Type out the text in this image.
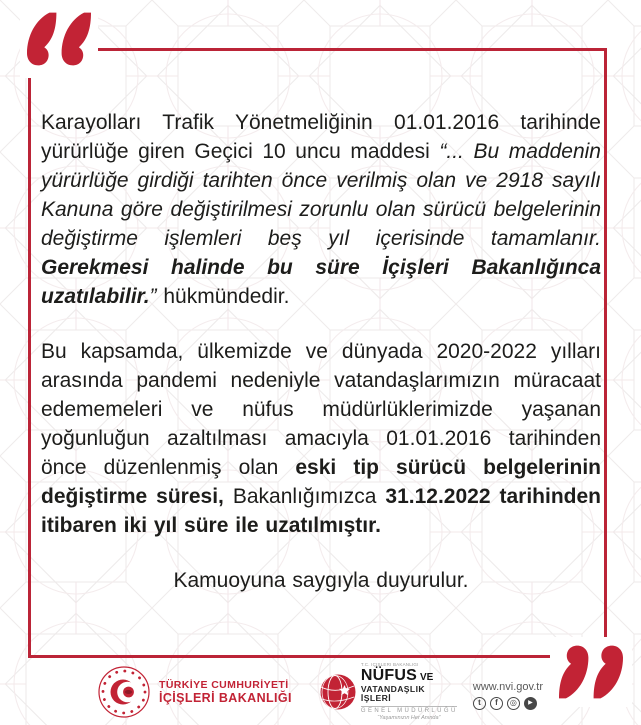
Karayolları Trafik Yönetmeliğinin 01.01.2016 tarihinde yürürlüğe giren Geçici 10 uncu maddesi “... Bu maddenin yürürlüğe girdiği tarihten önce verilmiş olan ve 2918 sayılı Kanuna göre değiştirilmesi zorunlu olan sürücü belgelerinin değiştirme işlemleri beş yıl içerisinde tamamlanır. Gerekmesi halinde bu süre İçişleri Bakanlığınca uzatılabilir.” hükmündedir.

Bu kapsamda, ülkemizde ve dünyada 2020-2022 yılları arasında pandemi nedeniyle vatandaşlarımızın müracaat edememeleri ve nüfus müdürlüklerimizde yaşanan yoğunluğun azaltılması amacıyla 01.01.2016 tarihinden önce düzenlenmiş olan eski tip sürücü belgelerinin değiştirme süresi, Bakanlığımızca 31.12.2022 tarihinden itibaren iki yıl süre ile uzatılmıştır.

Kamuoyuna saygıyla duyurulur.

TÜRKİYE CUMHURİYETİ
İÇİŞLERİ BAKANLIĞI
T.C. İÇİŞLERİ BAKANLIĞI
NÜFUS VE
VATANDAŞLIK İŞLERİ
GENEL MÜDÜRLÜĞÜ
“Yaşamınızın Her Anında”
www.nvi.gov.tr
t	f	◎	▶
